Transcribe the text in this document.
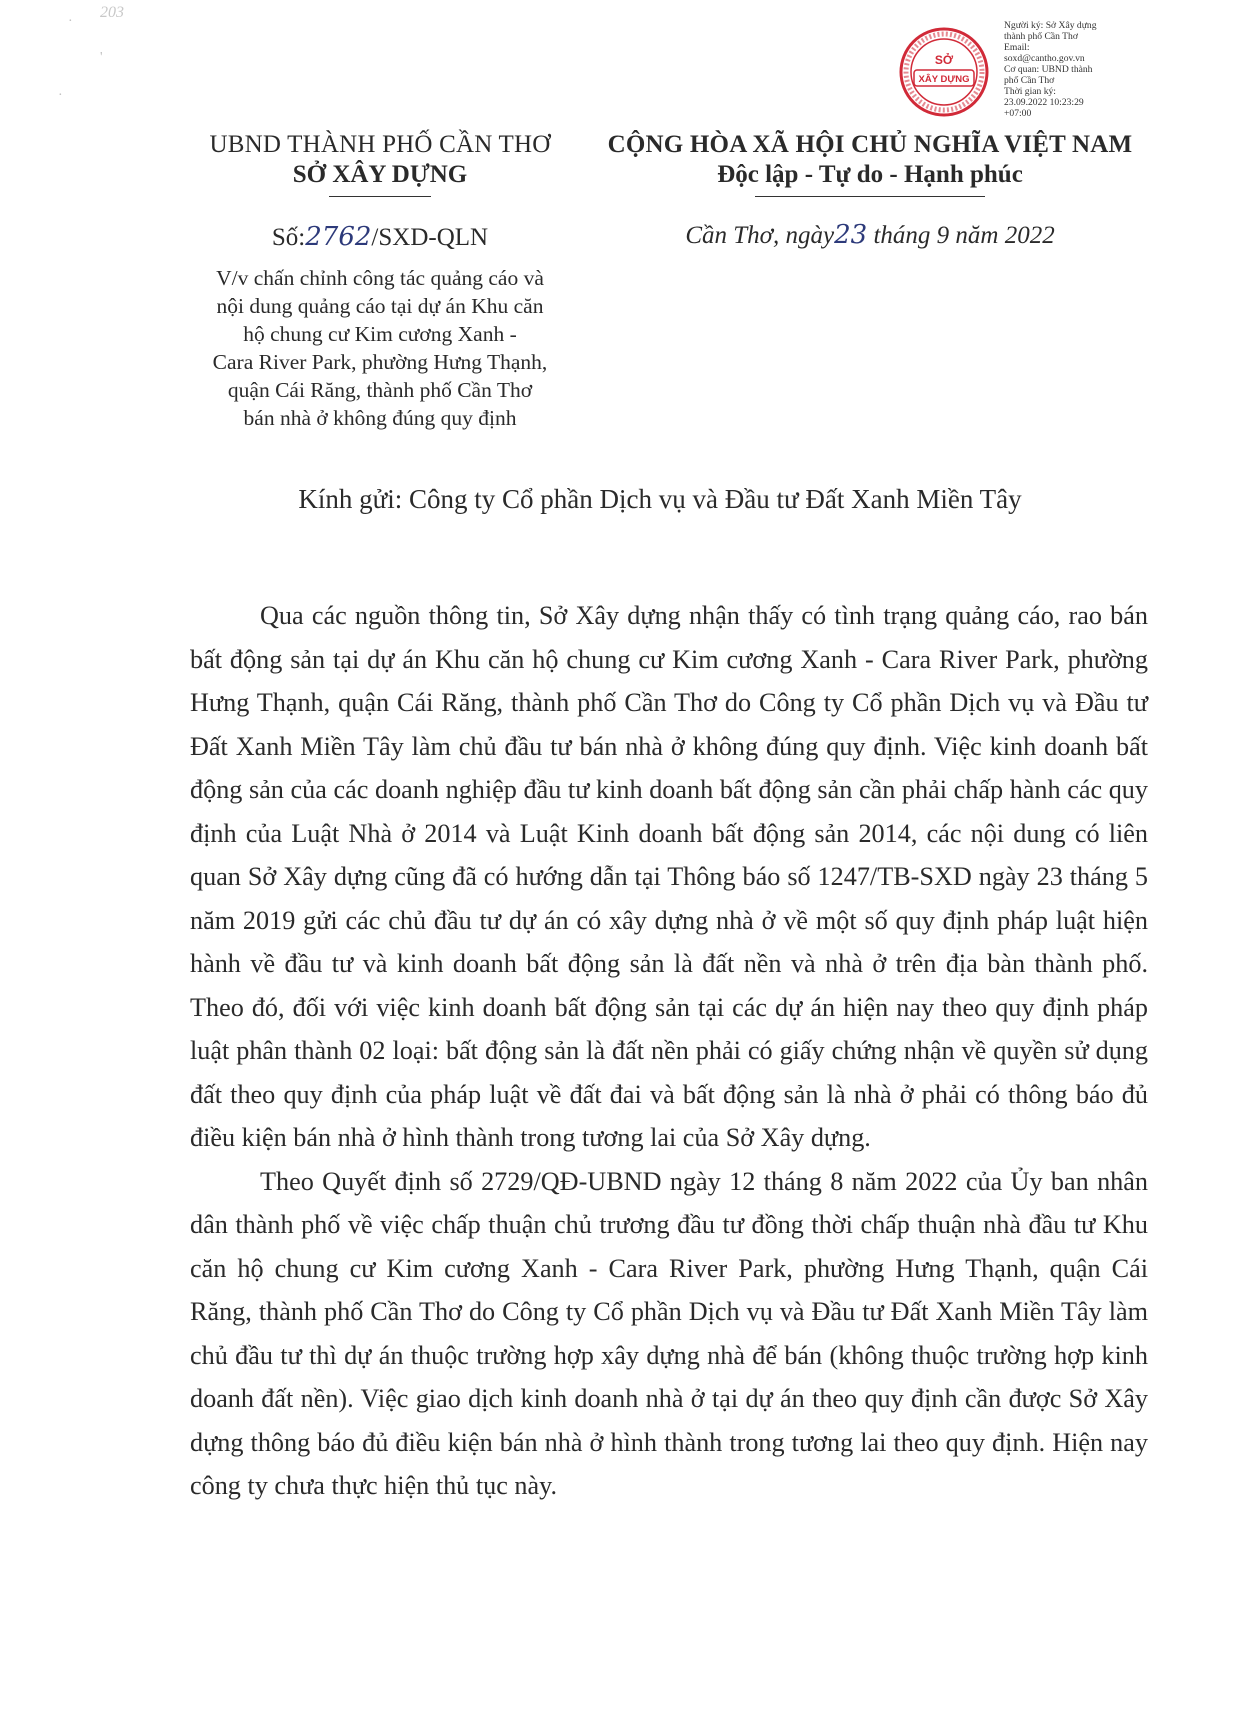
203
·
'
·
SỞ
XÂY DỰNG
Người ký: Sở Xây dựng
thành phố Cần Thơ
Email:
soxd@cantho.gov.vn
Cơ quan: UBND thành
phố Cần Thơ
Thời gian ký:
23.09.2022 10:23:29
+07:00
UBND THÀNH PHỐ CẦN THƠ
SỞ XÂY DỰNG
CỘNG HÒA XÃ HỘI CHỦ NGHĨA VIỆT NAM
Độc lập - Tự do - Hạnh phúc
Số:2762/SXD-QLN	Cần Thơ, ngày23 tháng 9 năm 2022
V/v chấn chỉnh công tác quảng cáo và
nội dung quảng cáo tại dự án Khu căn
hộ chung cư Kim cương Xanh -
Cara River Park, phường Hưng Thạnh,
quận Cái Răng, thành phố Cần Thơ
bán nhà ở không đúng quy định
Kính gửi: Công ty Cổ phần Dịch vụ và Đầu tư Đất Xanh Miền Tây

Qua các nguồn thông tin, Sở Xây dựng nhận thấy có tình trạng quảng cáo, rao bán bất động sản tại dự án Khu căn hộ chung cư Kim cương Xanh - Cara River Park, phường Hưng Thạnh, quận Cái Răng, thành phố Cần Thơ do Công ty Cổ phần Dịch vụ và Đầu tư Đất Xanh Miền Tây làm chủ đầu tư bán nhà ở không đúng quy định. Việc kinh doanh bất động sản của các doanh nghiệp đầu tư kinh doanh bất động sản cần phải chấp hành các quy định của Luật Nhà ở 2014 và Luật Kinh doanh bất động sản 2014, các nội dung có liên quan Sở Xây dựng cũng đã có hướng dẫn tại Thông báo số 1247/TB-SXD ngày 23 tháng 5 năm 2019 gửi các chủ đầu tư dự án có xây dựng nhà ở về một số quy định pháp luật hiện hành về đầu tư và kinh doanh bất động sản là đất nền và nhà ở trên địa bàn thành phố. Theo đó, đối với việc kinh doanh bất động sản tại các dự án hiện nay theo quy định pháp luật phân thành 02 loại: bất động sản là đất nền phải có giấy chứng nhận về quyền sử dụng đất theo quy định của pháp luật về đất đai và bất động sản là nhà ở phải có thông báo đủ điều kiện bán nhà ở hình thành trong tương lai của Sở Xây dựng.

Theo Quyết định số 2729/QĐ-UBND ngày 12 tháng 8 năm 2022 của Ủy ban nhân dân thành phố về việc chấp thuận chủ trương đầu tư đồng thời chấp thuận nhà đầu tư Khu căn hộ chung cư Kim cương Xanh - Cara River Park, phường Hưng Thạnh, quận Cái Răng, thành phố Cần Thơ do Công ty Cổ phần Dịch vụ và Đầu tư Đất Xanh Miền Tây làm chủ đầu tư thì dự án thuộc trường hợp xây dựng nhà để bán (không thuộc trường hợp kinh doanh đất nền). Việc giao dịch kinh doanh nhà ở tại dự án theo quy định cần được Sở Xây dựng thông báo đủ điều kiện bán nhà ở hình thành trong tương lai theo quy định. Hiện nay công ty chưa thực hiện thủ tục này.
